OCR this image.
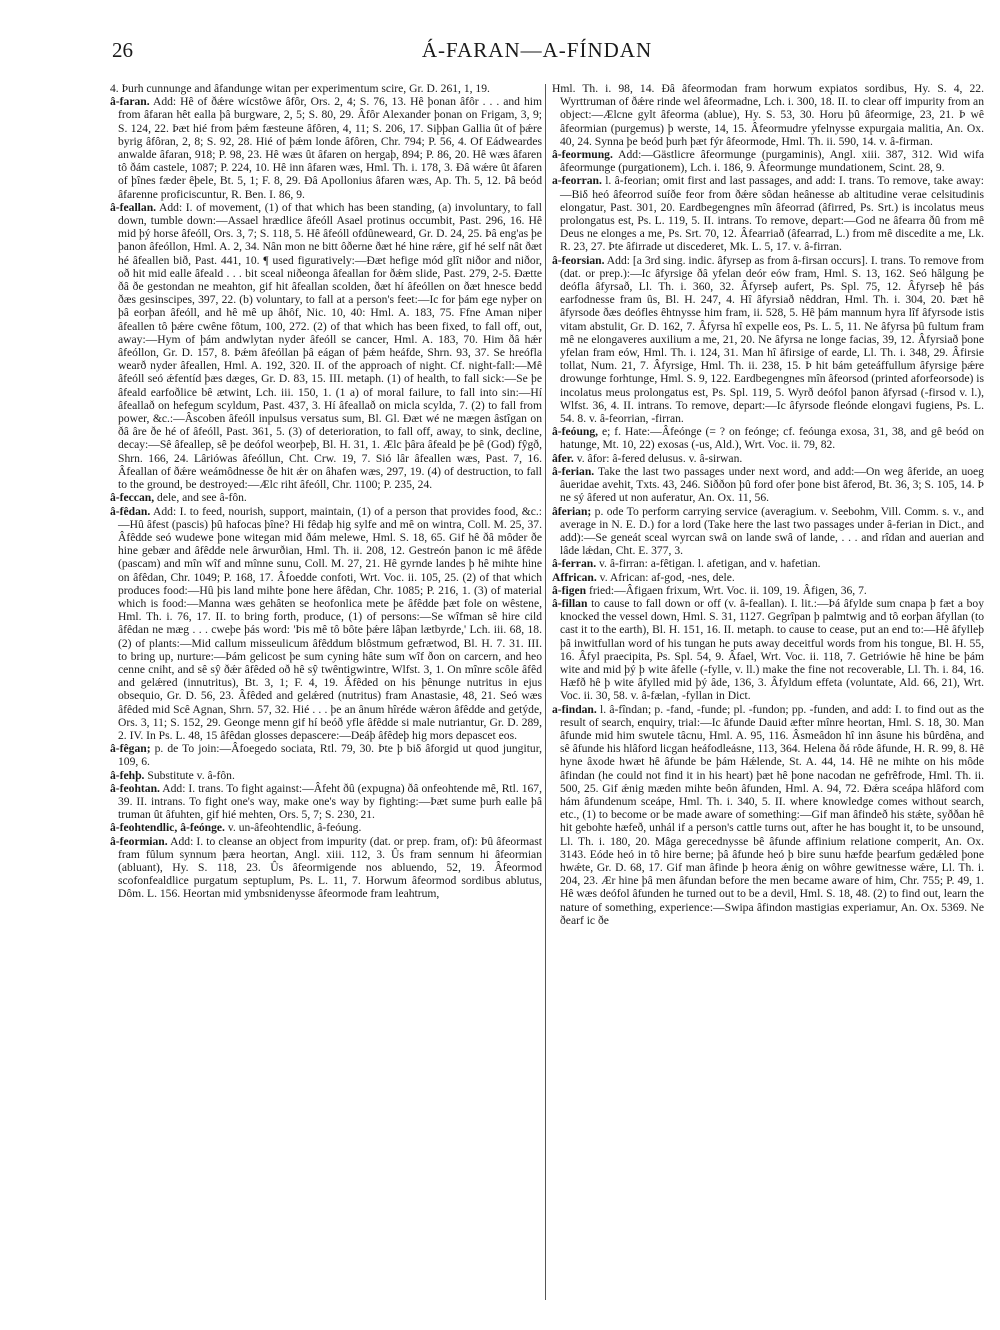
26	Á-FARAN—A-FÍNDAN

4. Þurh cunnunge and âfandunge witan per experimentum scire, Gr. D. 261, 1, 19.

â-faran. Add: Hê of ðǽre wícstôwe âfôr, Ors. 2, 4; S. 76, 13. Hê þonan âfôr . . . and him from âfaran hêt ealla þâ burgware, 2, 5; S. 80, 29. Âfôr Alexander þonan on Frigam, 3, 9; S. 124, 22. Þæt hié from þǽm fæsteune âfôren, 4, 11; S. 206, 17. Siþþan Gallia ût of þǽre byrig âfôran, 2, 8; S. 92, 28. Hié of þǽm londe âfôren, Chr. 794; P. 56, 4. Of Eádweardes anwalde âfaran, 918; P. 98, 23. Hê wæs ût âfaren on hergaþ, 894; P. 86, 20. Hê wæs âfaren tô ðám castele, 1087; P. 224, 10. Hê inn âfaren wæs, Hml. Th. i. 178, 3. Ðâ wǽre ût âfaren of þînes fæder êþele, Bt. 5, 1; F. 8, 29. Ðâ Apollonius âfaren wæs, Ap. Th. 5, 12. Þâ beód âfarenne proficiscuntur, R. Ben. I. 86, 9.

â-feallan. Add: I. of movement, (1) of that which has been standing, (a) involuntary, to fall down, tumble down:—Assael hrædlice âfeóll Asael protinus occumbit, Past. 296, 16. Hê mid þý horse âfeóll, Ors. 3, 7; S. 118, 5. Hê âfeóll ofdûneweard, Gr. D. 24, 25. Þâ eng'as þe þanon âfeóllon, Hml. A. 2, 34. Nân mon ne bitt ôðerne ðæt hé hine rǽre, gif hé self nât ðæt hé âfeallen bið, Past. 441, 10. ¶ used figuratively:—Ðæt hefige mód glît niðor and niðor, oð hit mid ealle âfeald . . . bit sceal niðeonga âfeallan for ðǽm slide, Past. 279, 2-5. Ðætte ðâ ðe gestondan ne meahton, gif hit âfeallan scolden, ðæt hí âfeóllen on ðæt hnesce bedd ðæs gesinscipes, 397, 22. (b) voluntary, to fall at a person's feet:—Ic for þám ege nyþer on þâ eorþan âfeóll, and hê mê up âhôf, Nic. 10, 40: Hml. A. 183, 75. Ffne Aman niþer âfeallen tô þǽre cwêne fôtum, 100, 272. (2) of that which has been fixed, to fall off, out, away:—Hym of þám andwlytan nyder âfeóll se cancer, Hml. A. 183, 70. Him ðâ hǽr âfeóllon, Gr. D. 157, 8. Þǽm âfeóllan þâ eágan of þǽm heáfde, Shrn. 93, 37. Se hreófla wearð nyder âfeallen, Hml. A. 192, 320. II. of the approach of night. Cf. night-fall:—Mê âfeóll seó ǽfentíd þæs dæges, Gr. D. 83, 15. III. metaph. (1) of health, to fall sick:—Se þe âfeald earfoðlice bê ætwint, Lch. iii. 150, 1. (1 a) of moral failure, to fall into sin:—Hí âfeallað on hefegum scyldum, Past. 437, 3. Hí âfeallað on micla scylda, 7. (2) to fall from power, &c.:—Âscoben âfeóll inpulsus versatus sum, Bl. Gl. Ðæt wé ne mægen âstîgan on ðâ âre ðe hé of âfeóll, Past. 361, 5. (3) of deterioration, to fall off, away, to sink, decline, decay:—Sê âfeallep, sê þe deófol weorþeþ, Bl. H. 31, 1. Ælc þâra âfeald þe þê (God) fŷgð, Shrn. 166, 24. Lâriówas âfeóllun, Cht. Crw. 19, 7. Sió lâr âfeallen wæs, Past. 7, 16. Âfeallan of ðǽre weámôdnesse ðe hit ǽr on âhafen wæs, 297, 19. (4) of destruction, to fall to the ground, be destroyed:—Ælc riht âfeóll, Chr. 1100; P. 235, 24.

â-feccan, dele, and see â-fôn.

â-fêdan. Add: I. to feed, nourish, support, maintain, (1) of a person that provides food, &c.:—Hû âfest (pascis) þû hafocas þîne? Hi fêdaþ hig sylfe and mê on wintra, Coll. M. 25, 37. Âfêdde seó wudewe þone witegan mid ðám melewe, Hml. S. 18, 65. Gif hê ðâ môder ðe hine gebær and âfêdde nele ârwurðian, Hml. Th. ii. 208, 12. Gestreón þanon ic mê âfêde (pascam) and mîn wîf and mînne sunu, Coll. M. 27, 21. Hê gyrnde landes þ hê mihte hine on âfêdan, Chr. 1049; P. 168, 17. Âfoedde confoti, Wrt. Voc. ii. 105, 25. (2) of that which produces food:—Hû þis land mihte þone here âfêdan, Chr. 1085; P. 216, 1. (3) of material which is food:—Manna wæs gehâten se heofonlica mete þe âfêdde þæt fole on wêstene, Hml. Th. i. 76, 17. II. to bring forth, produce, (1) of persons:—Se wîfman sê hire cild âfêdan ne mæg . . . cweþe þás word: 'Þis mê tô bôte þǽre lâþan lætbyrde,' Lch. iii. 68, 18. (2) of plants:—Mid callum misseulicum âfêddum blôstmum gefrætwod, Bl. H. 7. 31. III. to bring up, nurture:—Þám gelicost þe sum cyning hâte sum wîf ðon on carcern, and heo cenne cniht, and sê sŷ ðǽr âfêded oð hê sŷ twêntigwintre, Wlfst. 3, 1. On mînre scôle âfêd and gelǽred (innutritus), Bt. 3, 1; F. 4, 19. Âfêded on his þênunge nutritus in ejus obsequio, Gr. D. 56, 23. Âfêded and gelǽred (nutritus) fram Anastasie, 48, 21. Seó wæs âfêded mid Scê Agnan, Shrn. 57, 32. Hié . . . þe an ânum hîréde wǽron âfêdde and getýde, Ors. 3, 11; S. 152, 29. Geonge menn gif hí beóð yfle âfêdde si male nutriantur, Gr. D. 289, 2. IV. In Ps. L. 48, 15 âfêdan glosses depascere:—Deáþ âfêdeþ hig mors depascet eos.

â-fêgan; p. de To join:—Âfoegedo sociata, Rtl. 79, 30. Þte þ biδ âforgid ut quod jungitur, 109, 6.

â-fehþ. Substitute v. â-fôn.

â-feohtan. Add: I. trans. To fight against:—Âfeht ðû (expugna) ðâ onfeohtende mê, Rtl. 167, 39. II. intrans. To fight one's way, make one's way by fighting:—Þæt sume þurh ealle þâ truman ût âfuhten, gif hié mehten, Ors. 5, 7; S. 230, 21.

â-feohtendlic, â-feónge. v. un-âfeohtendlic, â-feóung.

â-feormian. Add: I. to cleanse an object from impurity (dat. or prep. fram, of): Þû âfeormast fram fûlum synnum þæra heortan, Angl. xiii. 112, 3. Ûs fram sennum hi âfeormian (abluant), Hy. S. 118, 23. Ûs âfeormigende nos abluendo, 52, 19. Âfeormod scofonfealdlice purgatum septuplum, Ps. L. 11, 7. Horwum âfeormod sordibus ablutus, Dôm. L. 156. Heortan mid ymbsnidenysse âfeormode fram leahtrum,

Hml. Th. i. 98, 14. Ðâ âfeormodan fram horwum expiatos sordibus, Hy. S. 4, 22. Wyrttruman of ðǽre rinde wel âfeormadne, Lch. i. 300, 18. II. to clear off impurity from an object:—Ælcne gylt âfeorma (ablue), Hy. S. 53, 30. Horu þû âfeormige, 23, 21. Þ wê âfeormian (purgemus) þ werste, 14, 15. Âfeormudre yfelnysse expurgaia malitia, An. Ox. 40, 24. Synna þe beód þurh þæt fýr âfeormode, Hml. Th. ii. 590, 14. v. â-firman.

â-feormung. Add:—Gästlicre âfeormunge (purgaminis), Angl. xiii. 387, 312. Wid wifa âfeormunge (purgationem), Lch. i. 186, 9. Âfeormunge mundationem, Scint. 28, 9.

a-feorran. l. â-feorian; omit first and last passages, and add: I. trans. To remove, take away:—Biδ heó âfeorrod suíðe feor from ðǽre sôdan heânesse ab altitudine verae celsitudinis elongatur, Past. 301, 20. Eardbegengnes mîn âfeorrad (âfirred, Ps. Srt.) is incolatus meus prolongatus est, Ps. L. 119, 5. II. intrans. To remove, depart:—God ne âfearra ðû from mê Deus ne elonges a me, Ps. Srt. 70, 12. Âfearriað (âfearrad, L.) from mê discedite a me, Lk. R. 23, 27. Þte âfirrade ut discederet, Mk. L. 5, 17. v. â-firran.

â-feorsian. Add: [a 3rd sing. indic. âfyrsep as from â-firsan occurs]. I. trans. To remove from (dat. or prep.):—Ic âfyrsige ðâ yfelan deór eów fram, Hml. S. 13, 162. Seó hâlgung þe deófla âfyrsað, Ll. Th. i. 360, 32. Âfyrseþ aufert, Ps. Spl. 75, 12. Âfyrseþ hê þás earfodnesse fram ûs, Bl. H. 247, 4. Hî âfyrsiað nêddran, Hml. Th. i. 304, 20. Þæt hê âfyrsode ðæs deófles êhtnysse him fram, ii. 528, 5. Hê þám mannum hyra lîf âfyrsode istis vitam abstulit, Gr. D. 162, 7. Âfyrsa hî expelle eos, Ps. L. 5, 11. Ne âfyrsa þû fultum fram mê ne elongaveres auxilium a me, 21, 20. Ne âfyrsa ne longe facias, 39, 12. Âfyrsiað þone yfelan fram eów, Hml. Th. i. 124, 31. Man hî âfirsige of earde, Ll. Th. i. 348, 29. Âfirsie tollat, Num. 21, 7. Âfyrsige, Hml. Th. ii. 238, 15. Þ hit bám geteáffullum âfyrsige þǽre drowunge forhtunge, Hml. S. 9, 122. Eardbegengnes mîn âfeorsod (printed aforfeorsode) is incolatus meus prolongatus est, Ps. Spl. 119, 5. Wyrð deófol þanon âfyrsad (-firsod v. l.), Wlfst. 36, 4. II. intrans. To remove, depart:—Ic âfyrsode fleónde elongavi fugiens, Ps. L. 54. 8. v. â-feorrian, -firran.

â-feóung, e; f. Hate:—Âfeónge (= ? on feónge; cf. feóunga exosa, 31, 38, and gê beód on hatunge, Mt. 10, 22) exosas (-us, Ald.), Wrt. Voc. ii. 79, 82.

âfer. v. âfor: â-fered delusus. v. â-sirwan.

â-ferian. Take the last two passages under next word, and add:—On weg âferide, an uoeg âueridae avehit, Txts. 43, 246. Siððon þû ford ofer þone bist âferod, Bt. 36, 3; S. 105, 14. Þ ne sý âfered ut non auferatur, An. Ox. 11, 56.

âferian; p. ode To perform carrying service (averagium. v. Seebohm, Vill. Comm. s. v., and average in N. E. D.) for a lord (Take here the last two passages under â-ferian in Dict., and add):—Se geneát sceal wyrcan swâ on lande swâ of lande, . . . and rîdan and auerian and lâde lǽdan, Cht. E. 377, 3.

â-ferran. v. â-firran: a-fêtigan. l. afetigan, and v. hafetian.

Affrican. v. African: af-god, -nes, dele.

â-figen fried:—Âfigaen frixum, Wrt. Voc. ii. 109, 19. Âfigen, 36, 7.

â-fillan to cause to fall down or off (v. â-feallan). I. lit.:—Þá âfylde sum cnapa þ fæt a boy knocked the vessel down, Hml. S. 31, 1127. Gegrîpan þ palmtwig and tô eorþan âfyllan (to cast it to the earth), Bl. H. 151, 16. II. metaph. to cause to cease, put an end to:—Hê âfylleþ þâ inwitfullan word of his tungan he puts away deceitful words from his tongue, Bl. H. 55, 16. Âfyl praecipita, Ps. Spl. 54, 9. Âfael, Wrt. Voc. ii. 118, 7. Getriówie hê hine be þám wite and mid þý þ wite âfelle (-fylle, v. ll.) make the fine not recoverable, Ll. Th. i. 84, 16. Hæfð hê þ wite âfylled mid þý âde, 136, 3. Âfyldum effeta (voluntate, Ald. 66, 21), Wrt. Voc. ii. 30, 58. v. â-fælan, -fyllan in Dict.

a-findan. l. â-fîndan; p. -fand, -funde; pl. -fundon; pp. -funden, and add: I. to find out as the result of search, enquiry, trial:—Ic âfunde Dauid æfter mînre heortan, Hml. S. 18, 30. Man âfunde mid him swutele tâcnu, Hml. A. 95, 116. Âsmeâdon hî inn âsune his bûrdêna, and sê âfunde his hlâford licgan heáfodleásne, 113, 364. Helena ðá rôde âfunde, H. R. 99, 8. Hê hyne âxode hwæt hê âfunde be þám Hǽlende, St. A. 44, 14. Hê ne mihte on his môde âfindan (he could not find it in his heart) þæt hê þone nacodan ne gefrêfrode, Hml. Th. ii. 500, 25. Gif ǽnig mæden mihte beôn âfunden, Hml. A. 94, 72. Ðǽra sceápa hlâford com hám âfundenum sceápe, Hml. Th. i. 340, 5. II. where knowledge comes without search, etc., (1) to become or be made aware of something:—Gif man âfindeð his stǽte, syððan hê hit gebohte hæfeð, unhál if a person's cattle turns out, after he has bought it, to be unsound, Ll. Th. i. 180, 20. Mâga gerecednysse bê âfunde affinium relatione comperit, An. Ox. 3143. Eóde heó in tô hire berne; þâ âfunde heó þ bire sunu hæfde þearfum gedǽled þone hwǽte, Gr. D. 68, 17. Gif man âfinde þ heora ǽnig on wôhre gewitnesse wǽre, Ll. Th. i. 204, 23. Ær hine þâ men âfundan before the men became aware of him, Chr. 755; P. 49, 1. Hê wæs deófol âfunden he turned out to be a devil, Hml. S. 18, 48. (2) to find out, learn the nature of something, experience:—Swipa âfindon mastigias experiamur, An. Ox. 5369. Ne ðearf ic ðe
